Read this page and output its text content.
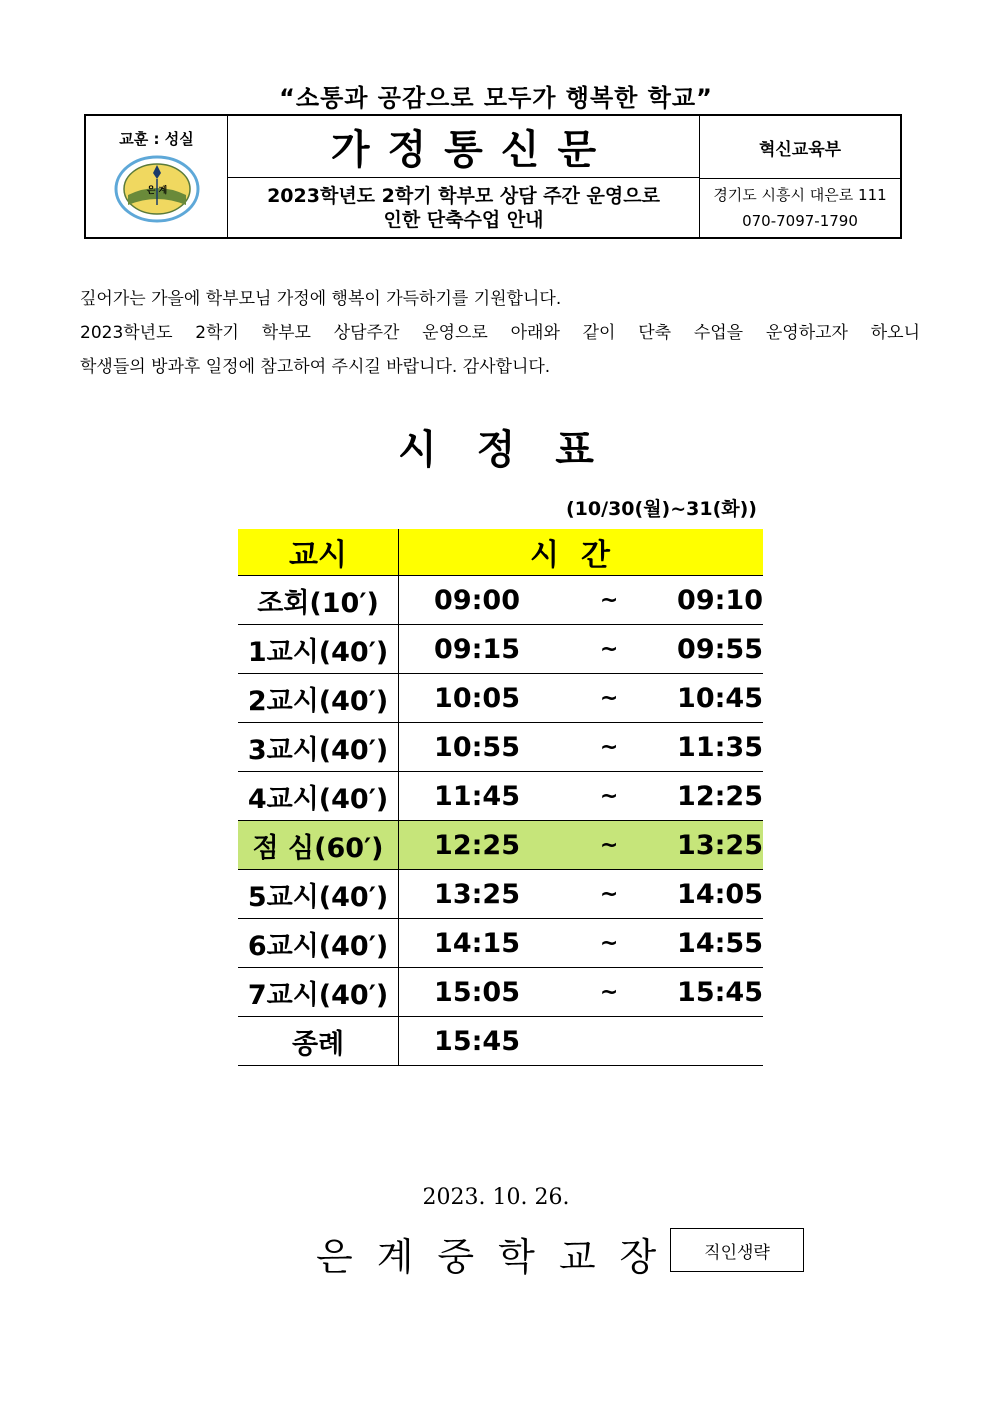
“소통과 공감으로 모두가 행복한 학교”
교훈 : 성실
은 계
가정통신문
2023학년도 2학기 학부모 상담 주간 운영으로
인한 단축수업 안내
혁신교육부
경기도 시흥시 대은로 111
070-7097-1790

깊어가는 가을에 학부모님 가정에 행복이 가득하기를 기원합니다.

2023학년도 2학기 학부모 상담주간 운영으로 아래와 같이 단축 수업을 운영하고자 하오니

학생들의 방과후 일정에 참고하여 주시길 바랍니다. 감사합니다.

시정표
(10/30(월)~31(화))
교시	시간
조회(10′)	09:00 ~ 09:10

1교시(40′)	09:15 ~ 09:55

2교시(40′)	10:05 ~ 10:45

3교시(40′)	10:55 ~ 11:35

4교시(40′)	11:45 ~ 12:25

점 심(60′)	12:25 ~ 13:25

5교시(40′)	13:25 ~ 14:05

6교시(40′)	14:15 ~ 14:55

7교시(40′)	15:05 ~ 15:45

종례	15:45
2023. 10. 26.
은계중학교장	직인생략
